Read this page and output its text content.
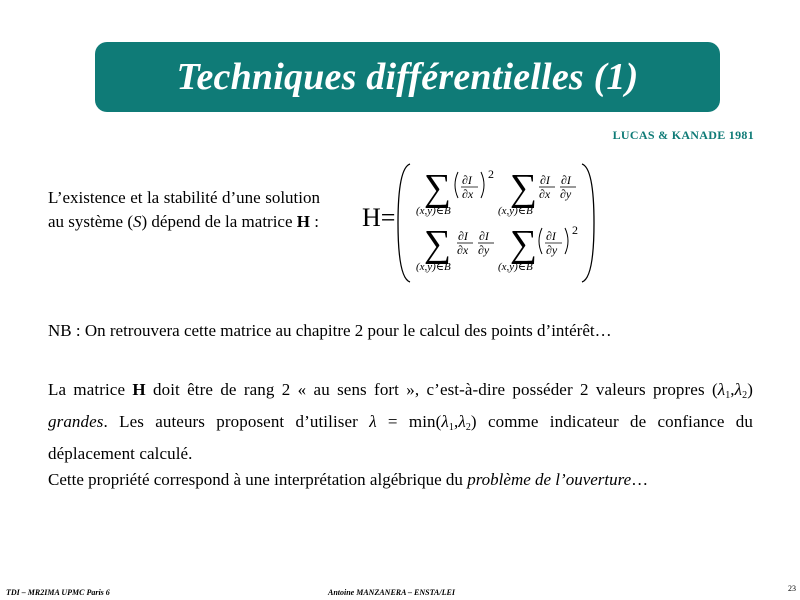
Techniques différentielles (1)
LUCAS & KANADE 1981
L’existence et la stabilité d’une solution au système (S) dépend de la matrice H : H=
∑
(x,y)∈B
∂I
∂x
2 ∑
(x,y)∈B
∂I
∂x
∂I
∂y
∑
(x,y)∈B
∂I
∂x
∂I
∂y ∑
(x,y)∈B
∂I
∂y
2
NB : On retrouvera cette matrice au chapitre 2 pour le calcul des points d’intérêt…
La matrice H doit être de rang 2 « au sens fort », c’est-à-dire posséder 2 valeurs propres $(\lambda_1,\lambda_2)$ grandes. Les auteurs proposent d’utiliser $\lambda = \min(\lambda_1,\lambda_2)$ comme indicateur de confiance du déplacement calculé.
Cette propriété correspond à une interprétation algébrique du problème de l’ouverture…
TDI – MR2IMA UPMC Paris 6	Antoine MANZANERA – ENSTA/LEI	23
